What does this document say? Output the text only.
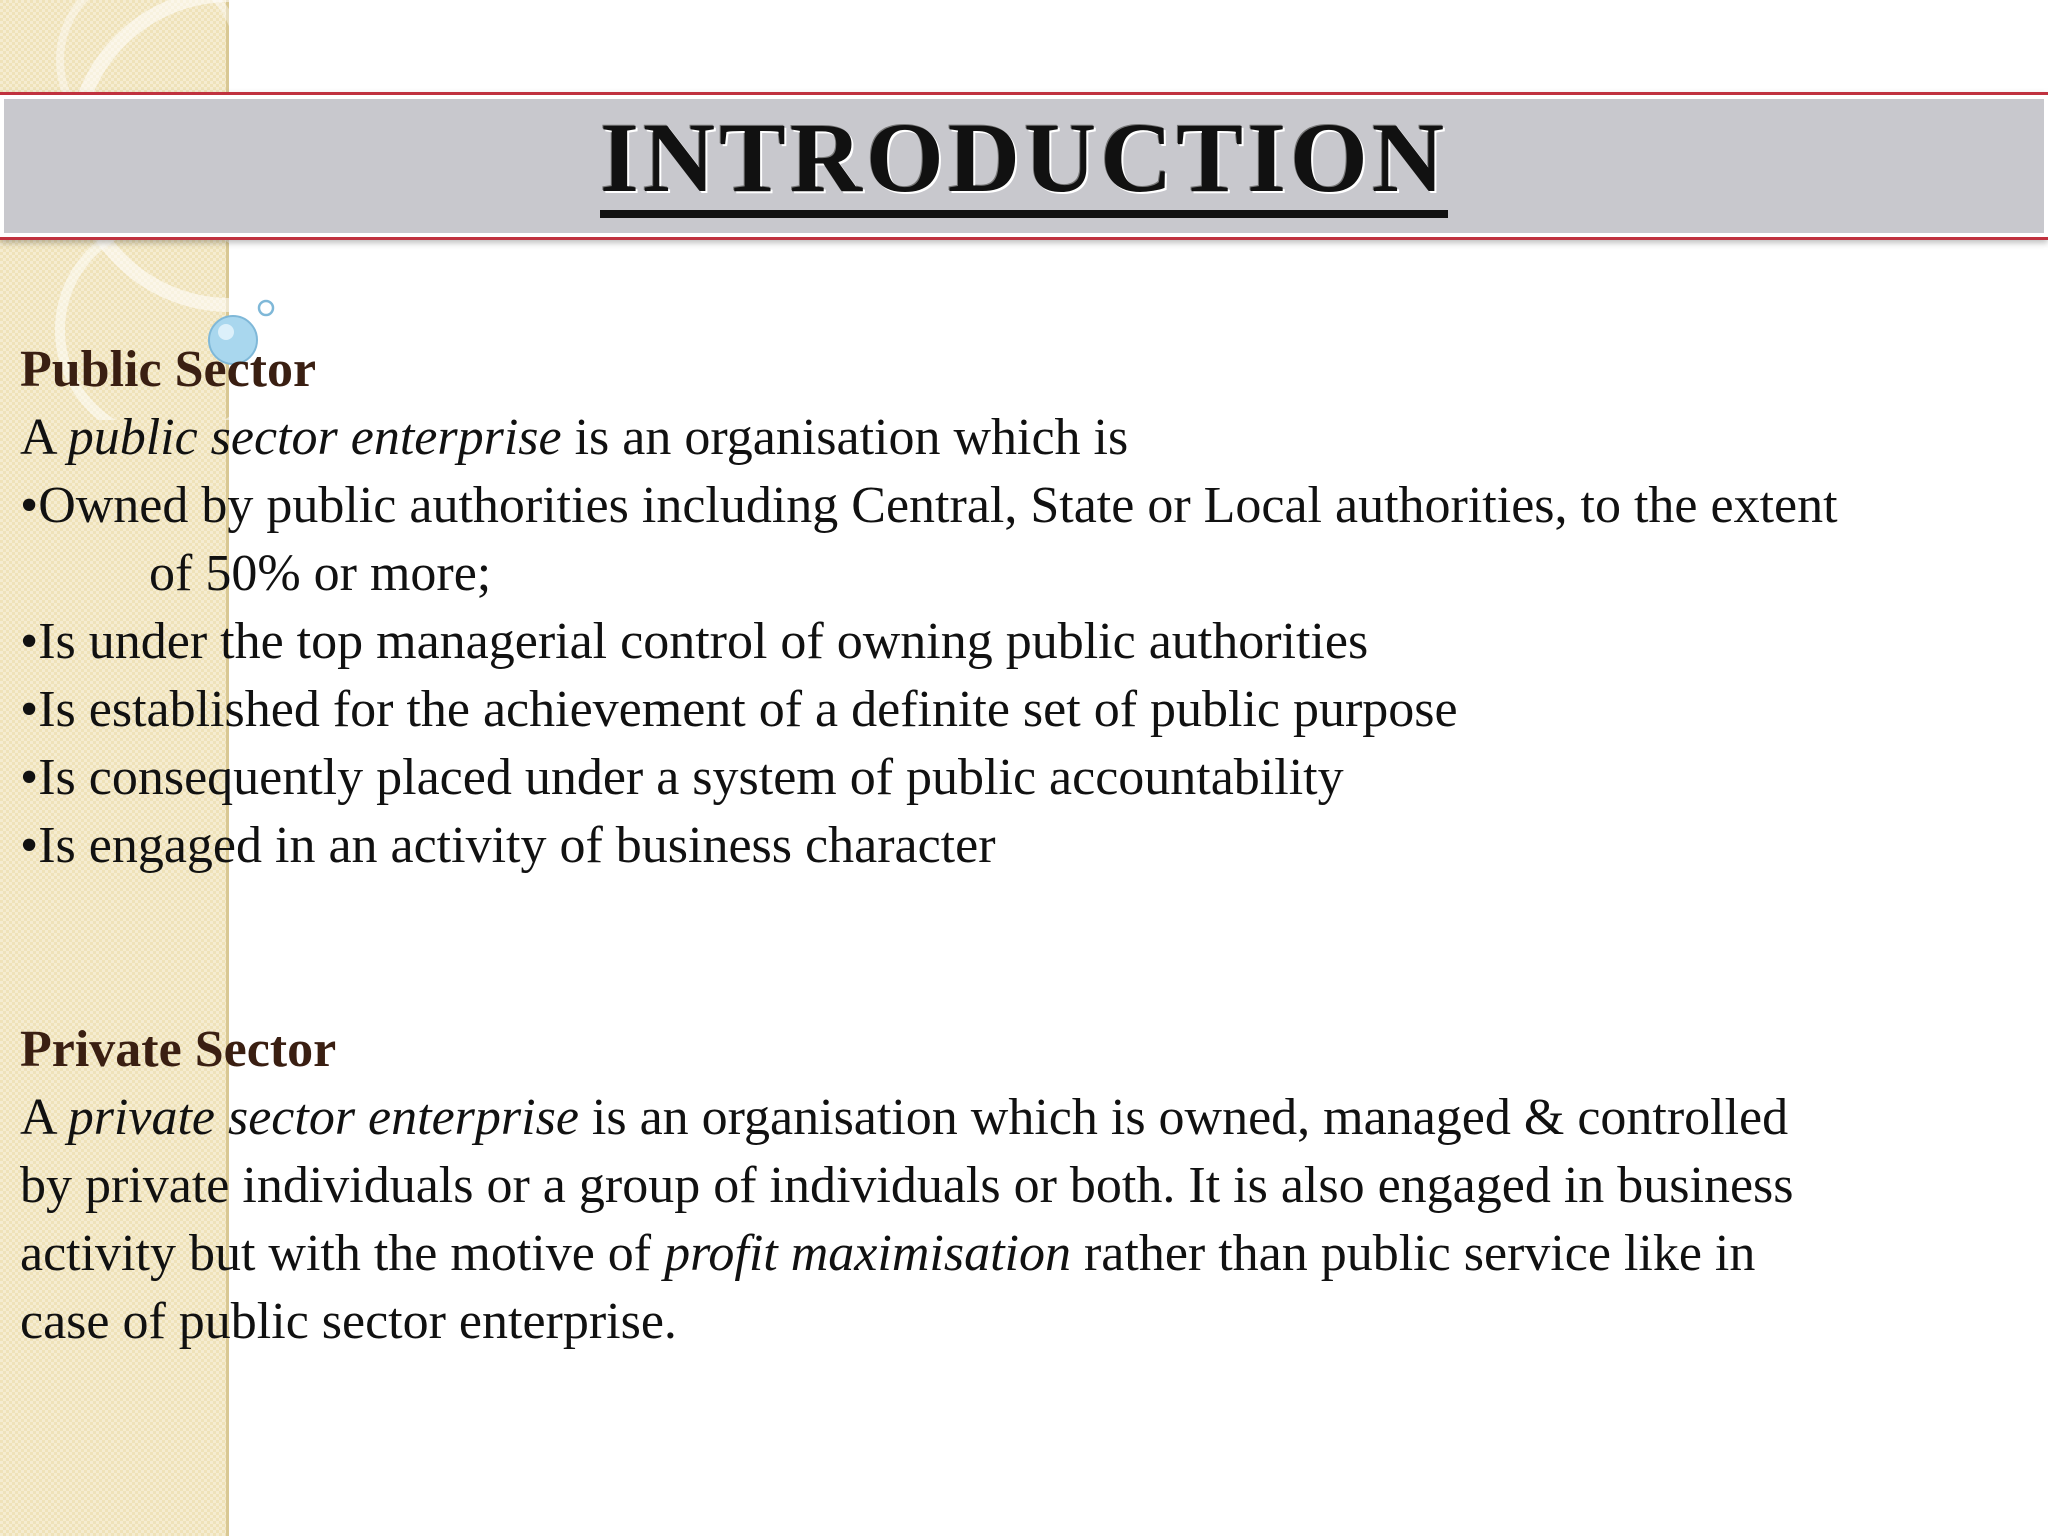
INTRODUCTION

Public Sector

A public sector enterprise is an organisation which is

•Owned by public authorities including Central, State or Local authorities, to the extent

of 50% or more;

•Is under the top managerial control of owning public authorities

•Is established for the achievement of a definite set of public purpose

•Is consequently placed under a system of public accountability

•Is engaged in an activity of business character

Private Sector

A private sector enterprise is an organisation which is owned, managed & controlled

by private individuals or a group of individuals or both. It is also engaged in business

activity but with the motive of profit maximisation rather than public service like in

case of public sector enterprise.
